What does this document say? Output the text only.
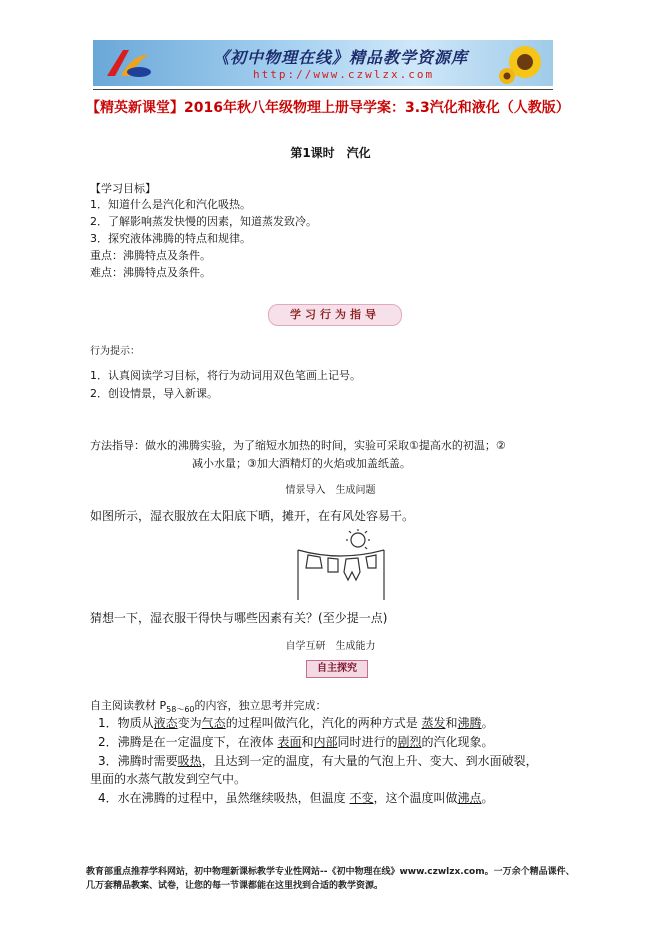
《初中物理在线》精品教学资源库
http://www.czwlzx.com
【精英新课堂】2016年秋八年级物理上册导学案：3.3汽化和液化（人教版）
第1课时　汽化
【学习目标】
1．知道什么是汽化和汽化吸热。
2．了解影响蒸发快慢的因素，知道蒸发致冷。
3．探究液体沸腾的特点和规律。
重点：沸腾特点及条件。
难点：沸腾特点及条件。
学习行为指导
行为提示：
1．认真阅读学习目标，将行为动词用双色笔画上记号。
2．创设情景，导入新课。
方法指导：做水的沸腾实验，为了缩短水加热的时间，实验可采取①提高水的初温；②
减小水量；③加大酒精灯的火焰或加盖纸盖。
情景导入　生成问题
如图所示，湿衣服放在太阳底下晒，摊开，在有风处容易干。
猜想一下，湿衣服干得快与哪些因素有关？(至少提一点)
自学互研　生成能力
自主探究
自主阅读教材 $P_{58\sim 60}$的内容，独立思考并完成：
1．物质从液态变为气态的过程叫做汽化，汽化的两种方式是 蒸发和沸腾。
2．沸腾是在一定温度下，在液体 表面和内部同时进行的剧烈的汽化现象。
3．沸腾时需要吸热，且达到一定的温度，有大量的气泡上升、变大、到水面破裂，
里面的水蒸气散发到空气中。
4．水在沸腾的过程中，虽然继续吸热，但温度 不变，这个温度叫做沸点。
教育部重点推荐学科网站，初中物理新课标教学专业性网站--《初中物理在线》www.czwlzx.com。一万余个精品课件、
几万套精品教案、试卷，让您的每一节课都能在这里找到合适的教学资源。
